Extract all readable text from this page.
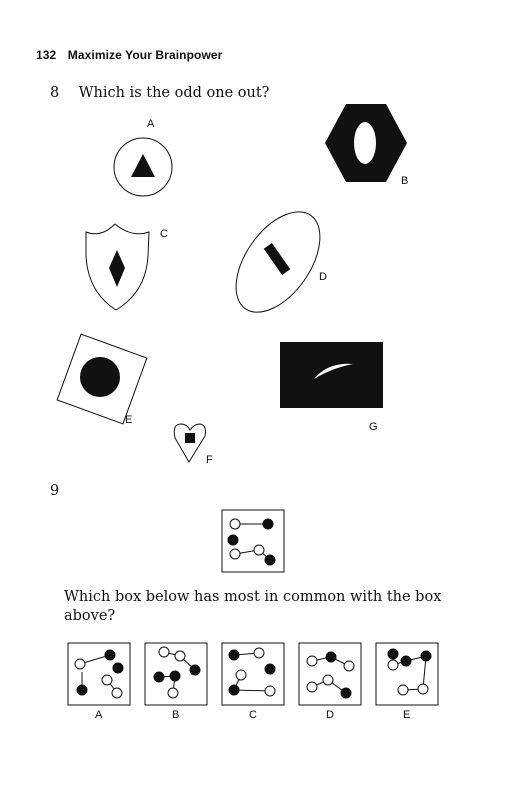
132 Maximize Your Brainpower
8 Which is the odd one out?
A
B
C
D
E
F
G
9
Which box below has most in common with the box above?
A	B	C	D	E
